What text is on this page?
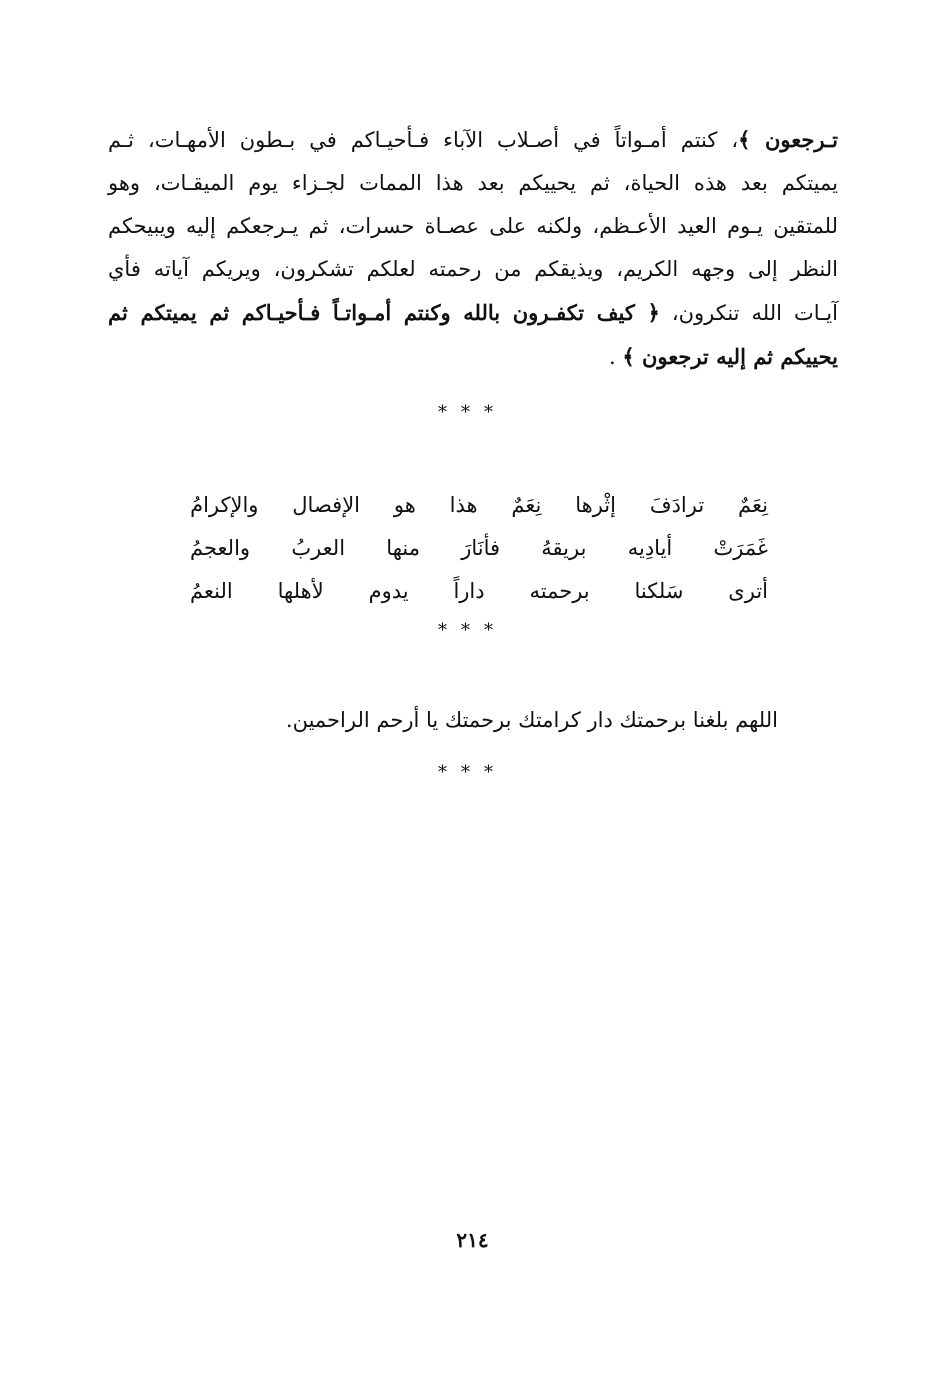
تـرجعون ﴾، كنتم أمـواتاً في أصـلاب الآباء فـأحيـاكم في بـطون الأمهـات، ثـم
يميتكم بعد هذه الحياة، ثم يحييكم بعد هذا الممات لجـزاء يوم الميقـات، وهو
للمتقين يـوم العيد الأعـظم، ولكنه على عصـاة حسرات، ثم يـرجعكم إليه ويبيحكم
النظر إلى وجهه الكريم، ويذيقكم من رحمته لعلكم تشكرون، ويريكم آياته فأي
آيـات الله تنكرون، ﴿ كيف تكفـرون بالله وكنتم أمـواتـاً فـأحيـاكم ثم يميتكم ثم
يحييكم ثم إليه ترجعون ﴾ .
***
نِعَمٌ
ترادَفَ
إثْرها
نِعَمٌ
هذا
هو
الإفصال
والإكرامُ
غَمَرَتْ
أيادِيه
بريقهُ
فأنَارَ
منها
العربُ
والعجمُ
أترى
سَلكنا
برحمته
داراً
يدوم
لأهلها
النعمُ
***
اللهم بلغنا برحمتك دار كرامتك برحمتك يا أرحم الراحمين.
***
٢١٤
